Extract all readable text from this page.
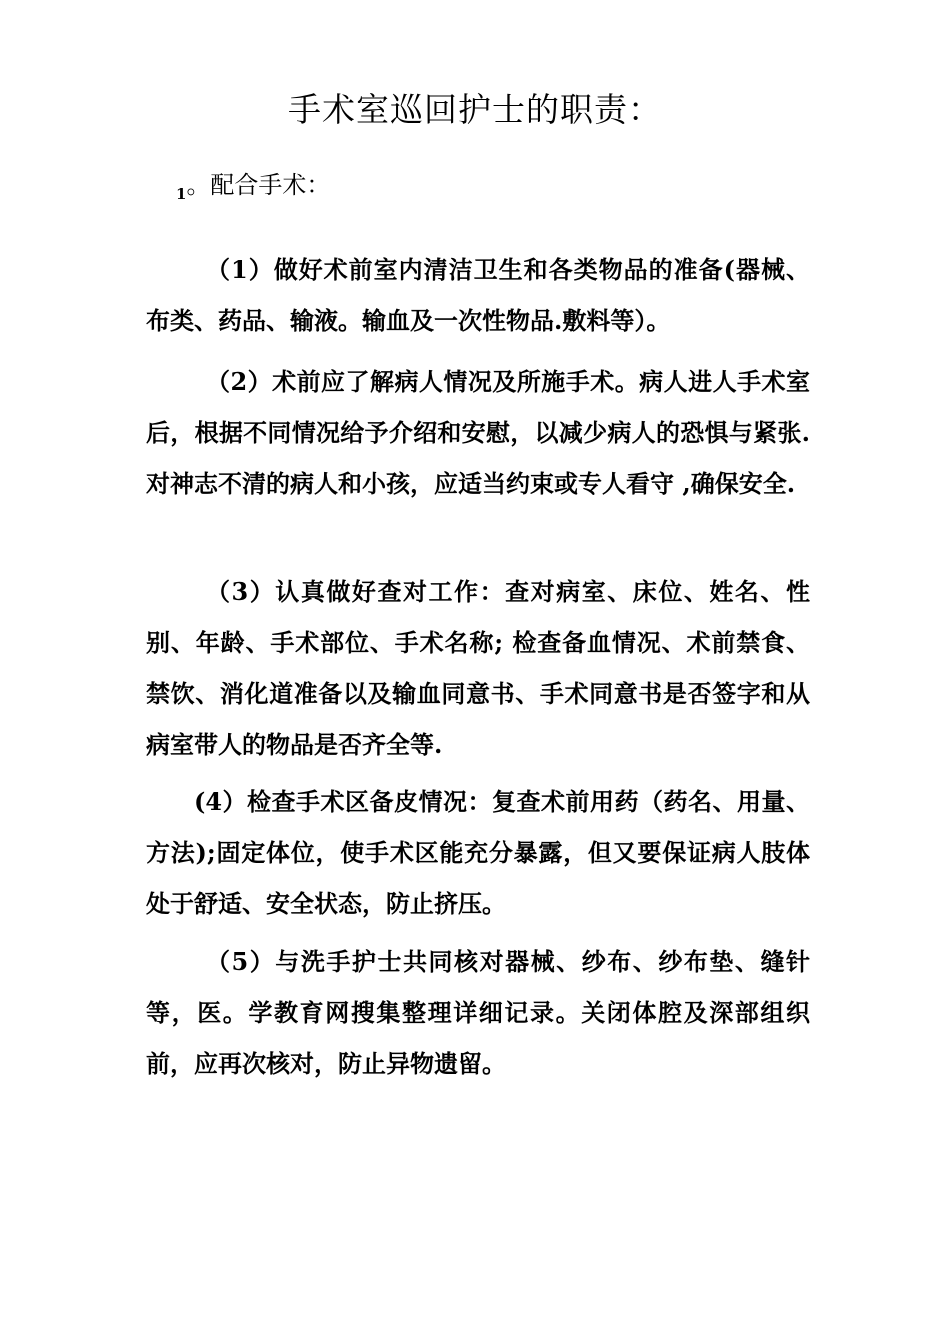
手术室巡回护士的职责：
$_1$。配合手术：

（1）做好术前室内清洁卫生和各类物品的准备(器械、布类、药品、输液。输血及一次性物品.敷料等）。

（2）术前应了解病人情况及所施手术。病人进人手术室后，根据不同情况给予介绍和安慰，以减少病人的恐惧与紧张.对神志不清的病人和小孩，应适当约束或专人看守 ,确保安全.

（3）认真做好查对工作：查对病室、床位、姓名、性别、年龄、手术部位、手术名称; 检查备血情况、术前禁食、禁饮、消化道准备以及输血同意书、手术同意书是否签字和从病室带人的物品是否齐全等.

(4）检查手术区备皮情况：复查术前用药（药名、用量、方法);固定体位，使手术区能充分暴露，但又要保证病人肢体处于舒适、安全状态，防止挤压。

（5）与洗手护士共同核对器械、纱布、纱布垫、缝针等，医。学教育网搜集整理详细记录。关闭体腔及深部组织前，应再次核对，防止异物遗留。
